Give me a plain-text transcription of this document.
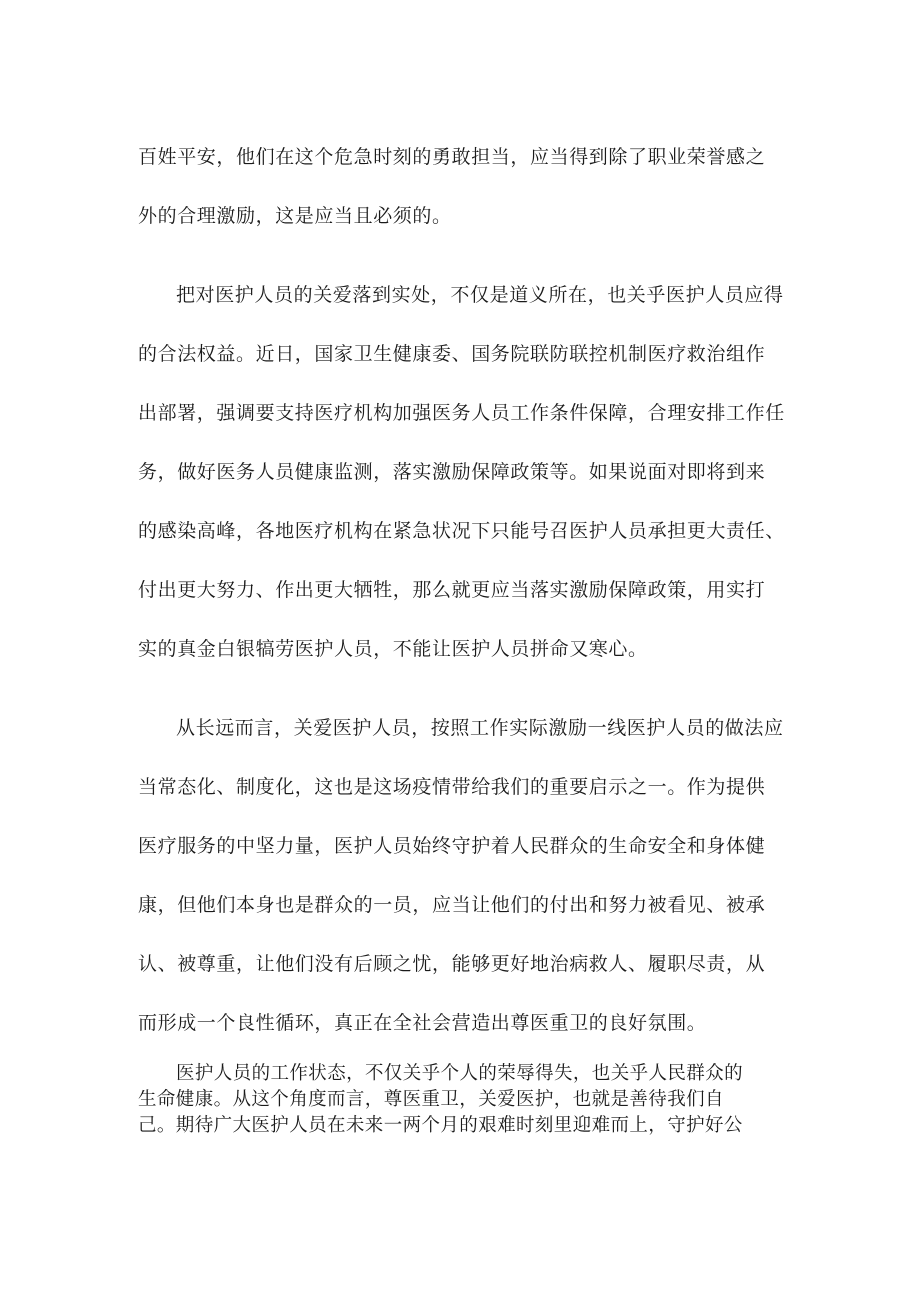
百姓平安，他们在这个危急时刻的勇敢担当，应当得到除了职业荣誉感之

外的合理激励，这是应当且必须的。

把对医护人员的关爱落到实处，不仅是道义所在，也关乎医护人员应得

的合法权益。近日，国家卫生健康委、国务院联防联控机制医疗救治组作

出部署，强调要支持医疗机构加强医务人员工作条件保障，合理安排工作任

务，做好医务人员健康监测，落实激励保障政策等。如果说面对即将到来

的感染高峰，各地医疗机构在紧急状况下只能号召医护人员承担更大责任、

付出更大努力、作出更大牺牲，那么就更应当落实激励保障政策，用实打

实的真金白银犒劳医护人员，不能让医护人员拼命又寒心。

从长远而言，关爱医护人员，按照工作实际激励一线医护人员的做法应

当常态化、制度化，这也是这场疫情带给我们的重要启示之一。作为提供

医疗服务的中坚力量，医护人员始终守护着人民群众的生命安全和身体健

康，但他们本身也是群众的一员，应当让他们的付出和努力被看见、被承

认、被尊重，让他们没有后顾之忧，能够更好地治病救人、履职尽责，从

而形成一个良性循环，真正在全社会营造出尊医重卫的良好氛围。

医护人员的工作状态，不仅关乎个人的荣辱得失，也关乎人民群众的

生命健康。从这个角度而言，尊医重卫，关爱医护，也就是善待我们自

己。期待广大医护人员在未来一两个月的艰难时刻里迎难而上，守护好公
